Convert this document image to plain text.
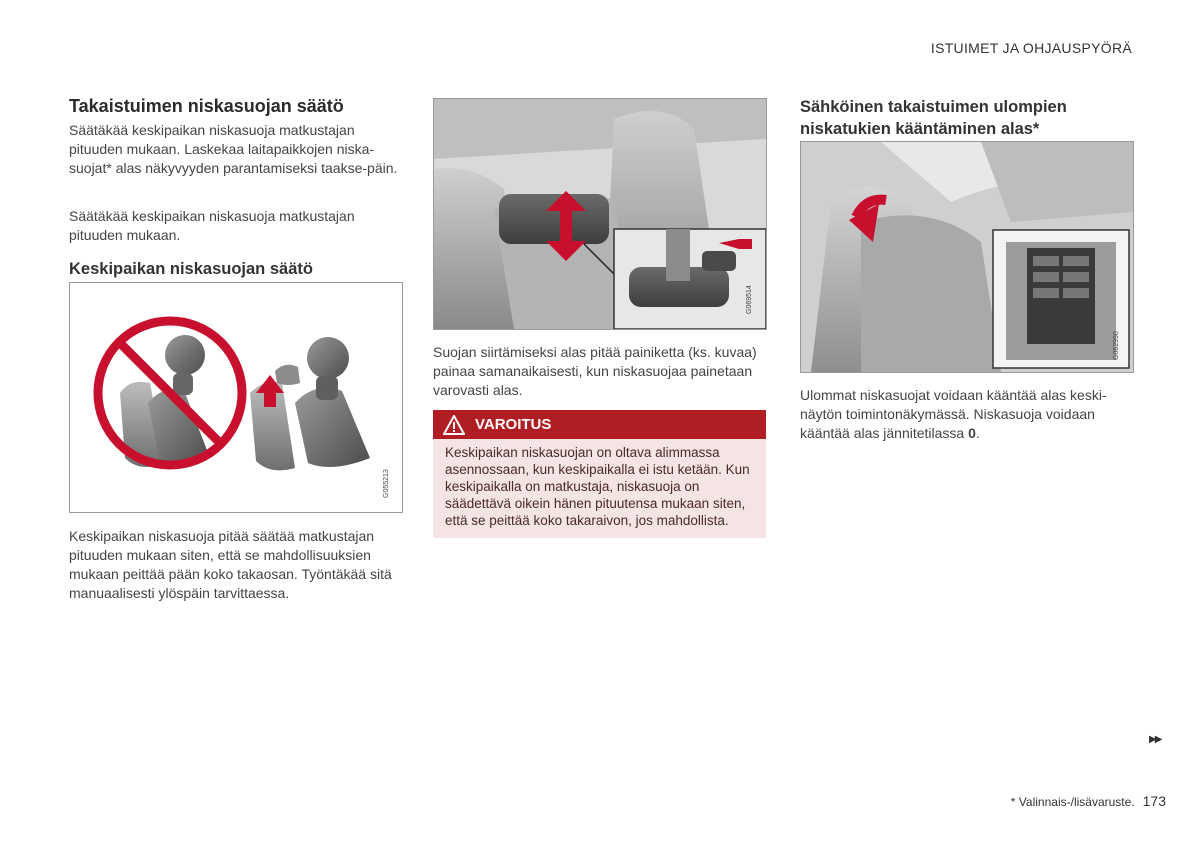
ISTUIMET JA OHJAUSPYÖRÄ
Takaistuimen niskasuojan säätö
Säätäkää keskipaikan niskasuoja matkustajan pituuden mukaan. Laskekaa laitapaikkojen niska-suojat* alas näkyvyyden parantamiseksi taakse-päin.
Säätäkää keskipaikan niskasuoja matkustajan pituuden mukaan.
Keskipaikan niskasuojan säätö
G055213
Keskipaikan niskasuoja pitää säätää matkustajan pituuden mukaan siten, että se mahdollisuuksien mukaan peittää pään koko takaosan. Työntäkää sitä manuaalisesti ylöspäin tarvittaessa.
G069514
Suojan siirtämiseksi alas pitää painiketta (ks. kuvaa) painaa samanaikaisesti, kun niskasuojaa painetaan varovasti alas.
VAROITUS
Keskipaikan niskasuojan on oltava alimmassa asennossaan, kun keskipaikalla ei istu ketään. Kun keskipaikalla on matkustaja, niskasuoja on säädettävä oikein hänen pituutensa mukaan siten, että se peittää koko takaraivon, jos mahdollista.
Sähköinen takaistuimen ulompien niskatukien kääntäminen alas*
G062990
Ulommat niskasuojat voidaan kääntää alas keski-näytön toimintonäkymässä. Niskasuoja voidaan kääntää alas jännitetilassa 0.
▶▶
* Valinnais-/lisävaruste. 173
